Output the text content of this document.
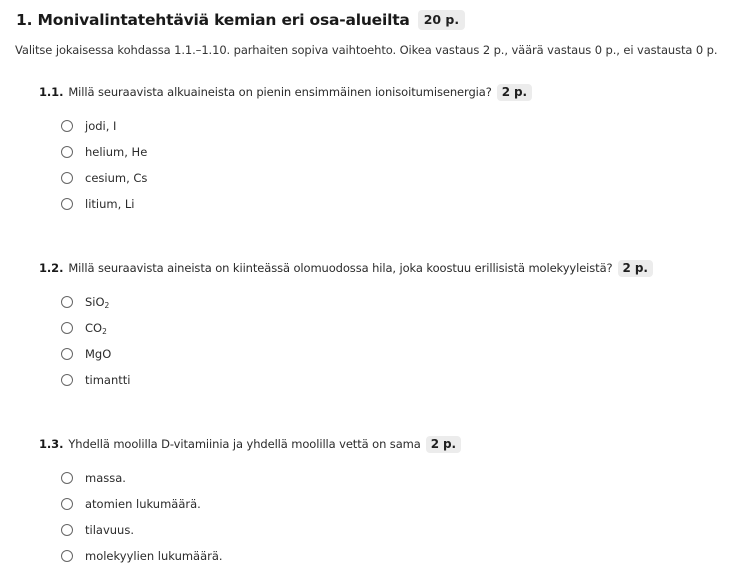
1. Monivalintatehtäviä kemian eri osa-alueilta	20 p.
Valitse jokaisessa kohdassa 1.1.–1.10. parhaiten sopiva vaihtoehto. Oikea vastaus 2 p., väärä vastaus 0 p., ei vastausta 0 p.
1.1. Millä seuraavista alkuaineista on pienin ensimmäinen ionisoitumisenergia? 2 p.
jodi, I
helium, He
cesium, Cs
litium, Li
1.2. Millä seuraavista aineista on kiinteässä olomuodossa hila, joka koostuu erillisistä molekyyleistä? 2 p.
SiO$_2$
$CO_2$
MgO
timantti
1.3. Yhdellä moolilla D-vitamiinia ja yhdellä moolilla vettä on sama 2 p.
massa.
atomien lukumäärä.
tilavuus.
molekyylien lukumäärä.
